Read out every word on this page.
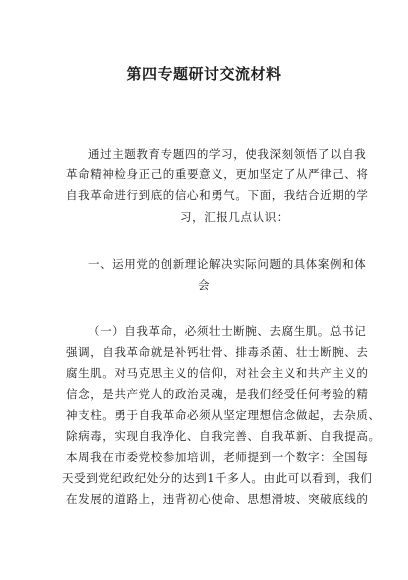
第四专题研讨交流材料
通过主题教育专题四的学习，使我深刻领悟了以自我
革命精神检身正己的重要意义，更加坚定了从严律己、将
自我革命进行到底的信心和勇气。下面，我结合近期的学
习，汇报几点认识：
一、运用党的创新理论解决实际问题的具体案例和体
会
（一）自我革命，必须壮士断腕、去腐生肌。总书记
强调，自我革命就是补钙壮骨、排毒杀菌、壮士断腕、去
腐生肌。对马克思主义的信仰，对社会主义和共产主义的
信念，是共产党人的政治灵魂，是我们经受任何考验的精
神支柱。勇于自我革命必须从坚定理想信念做起，去杂质、
除病毒，实现自我净化、自我完善、自我革新、自我提高。
本周我在市委党校参加培训，老师提到一个数字：全国每
天受到党纪政纪处分的达到1千多人。由此可以看到，我们
在发展的道路上，违背初心使命、思想滑坡、突破底线的
